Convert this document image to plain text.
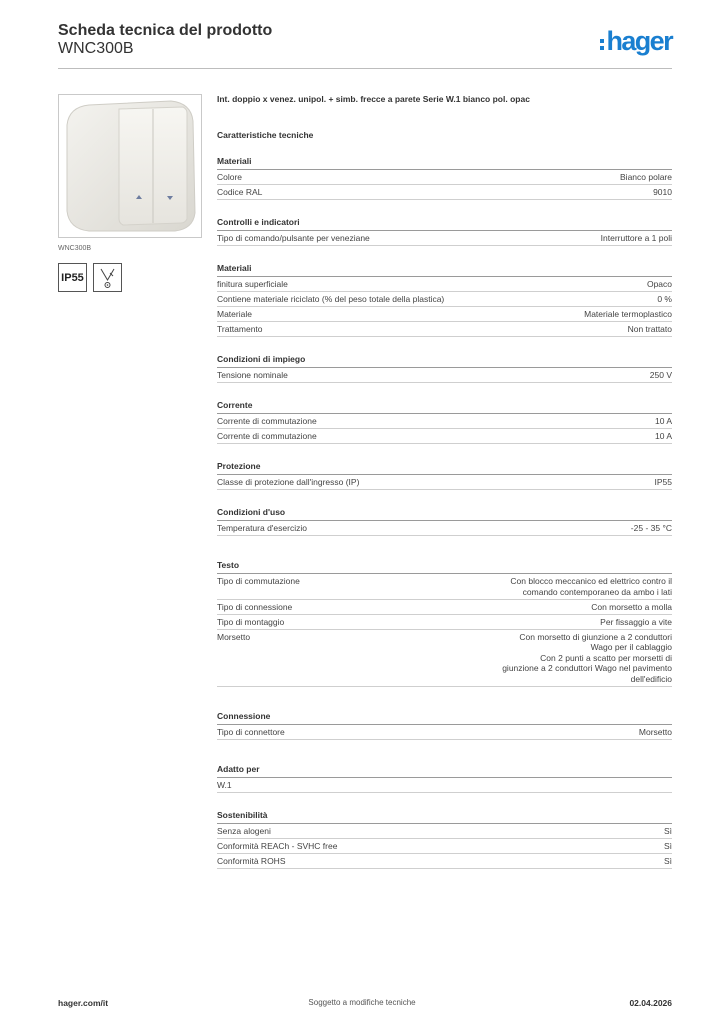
Scheda tecnica del prodotto
WNC300B	hager
WNC300B
IP55
Int. doppio x venez. unipol. + simb. frecce a parete Serie W.1 bianco pol. opac
Caratteristiche tecniche
Materiali
Colore	Bianco polare
Codice RAL	9010
Controlli e indicatori
Tipo di comando/pulsante per veneziane	Interruttore a 1 poli
Materiali
finitura superficiale	Opaco
Contiene materiale riciclato (% del peso totale della plastica)	0 %
Materiale	Materiale termoplastico
Trattamento	Non trattato
Condizioni di impiego
Tensione nominale	250 V
Corrente
Corrente di commutazione	10 A
Corrente di commutazione	10 A
Protezione
Classe di protezione dall'ingresso (IP)	IP55
Condizioni d'uso
Temperatura d'esercizio	-25 - 35 °C
Testo
Tipo di commutazione	Con blocco meccanico ed elettrico contro il
comando contemporaneo da ambo i lati
Tipo di connessione	Con morsetto a molla
Tipo di montaggio	Per fissaggio a vite
Morsetto	Con morsetto di giunzione a 2 conduttori
Wago per il cablaggio
Con 2 punti a scatto per morsetti di
giunzione a 2 conduttori Wago nel pavimento
dell'edificio
Connessione
Tipo di connettore	Morsetto
Adatto per
W.1
Sostenibilità
Senza alogeni	Sì
Conformità REACh - SVHC free	Sì
Conformità ROHS	Sì
hager.com/it	Soggetto a modifiche tecniche	02.04.2026
